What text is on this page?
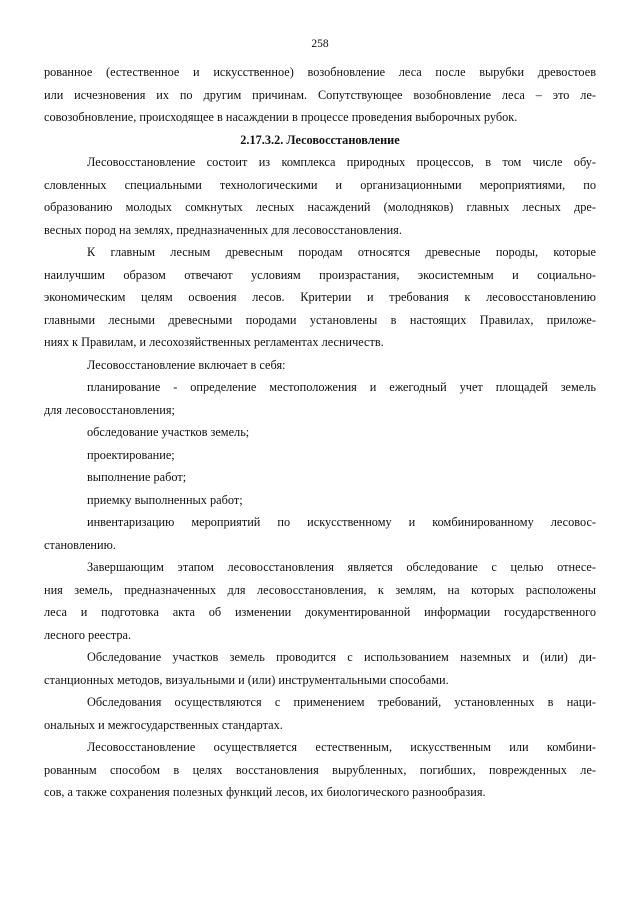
258
рованное (естественное и искусственное) возобновление леса после вырубки древостоев
или исчезновения их по другим причинам. Сопутствующее возобновление леса – это ле-
совозобновление, происходящее в насаждении в процессе проведения выборочных рубок.
2.17.3.2. Лесовосстановление
Лесовосстановление состоит из комплекса природных процессов, в том числе обу-
словленных специальными технологическими и организационными мероприятиями, по
образованию молодых сомкнутых лесных насаждений (молодняков) главных лесных дре-
весных пород на землях, предназначенных для лесовосстановления.
К главным лесным древесным породам относятся древесные породы, которые
наилучшим образом отвечают условиям произрастания, экосистемным и социально-
экономическим целям освоения лесов. Критерии и требования к лесовосстановлению
главными лесными древесными породами установлены в настоящих Правилах, приложе-
ниях к Правилам, и лесохозяйственных регламентах лесничеств.
Лесовосстановление включает в себя:
планирование - определение местоположения и ежегодный учет площадей земель
для лесовосстановления;
обследование участков земель;
проектирование;
выполнение работ;
приемку выполненных работ;
инвентаризацию мероприятий по искусственному и комбинированному лесовос-
становлению.
Завершающим этапом лесовосстановления является обследование с целью отнесе-
ния земель, предназначенных для лесовосстановления, к землям, на которых расположены
леса и подготовка акта об изменении документированной информации государственного
лесного реестра.
Обследование участков земель проводится с использованием наземных и (или) ди-
станционных методов, визуальными и (или) инструментальными способами.
Обследования осуществляются с применением требований, установленных в наци-
ональных и межгосударственных стандартах.
Лесовосстановление осуществляется естественным, искусственным или комбини-
рованным способом в целях восстановления вырубленных, погибших, поврежденных ле-
сов, а также сохранения полезных функций лесов, их биологического разнообразия.
